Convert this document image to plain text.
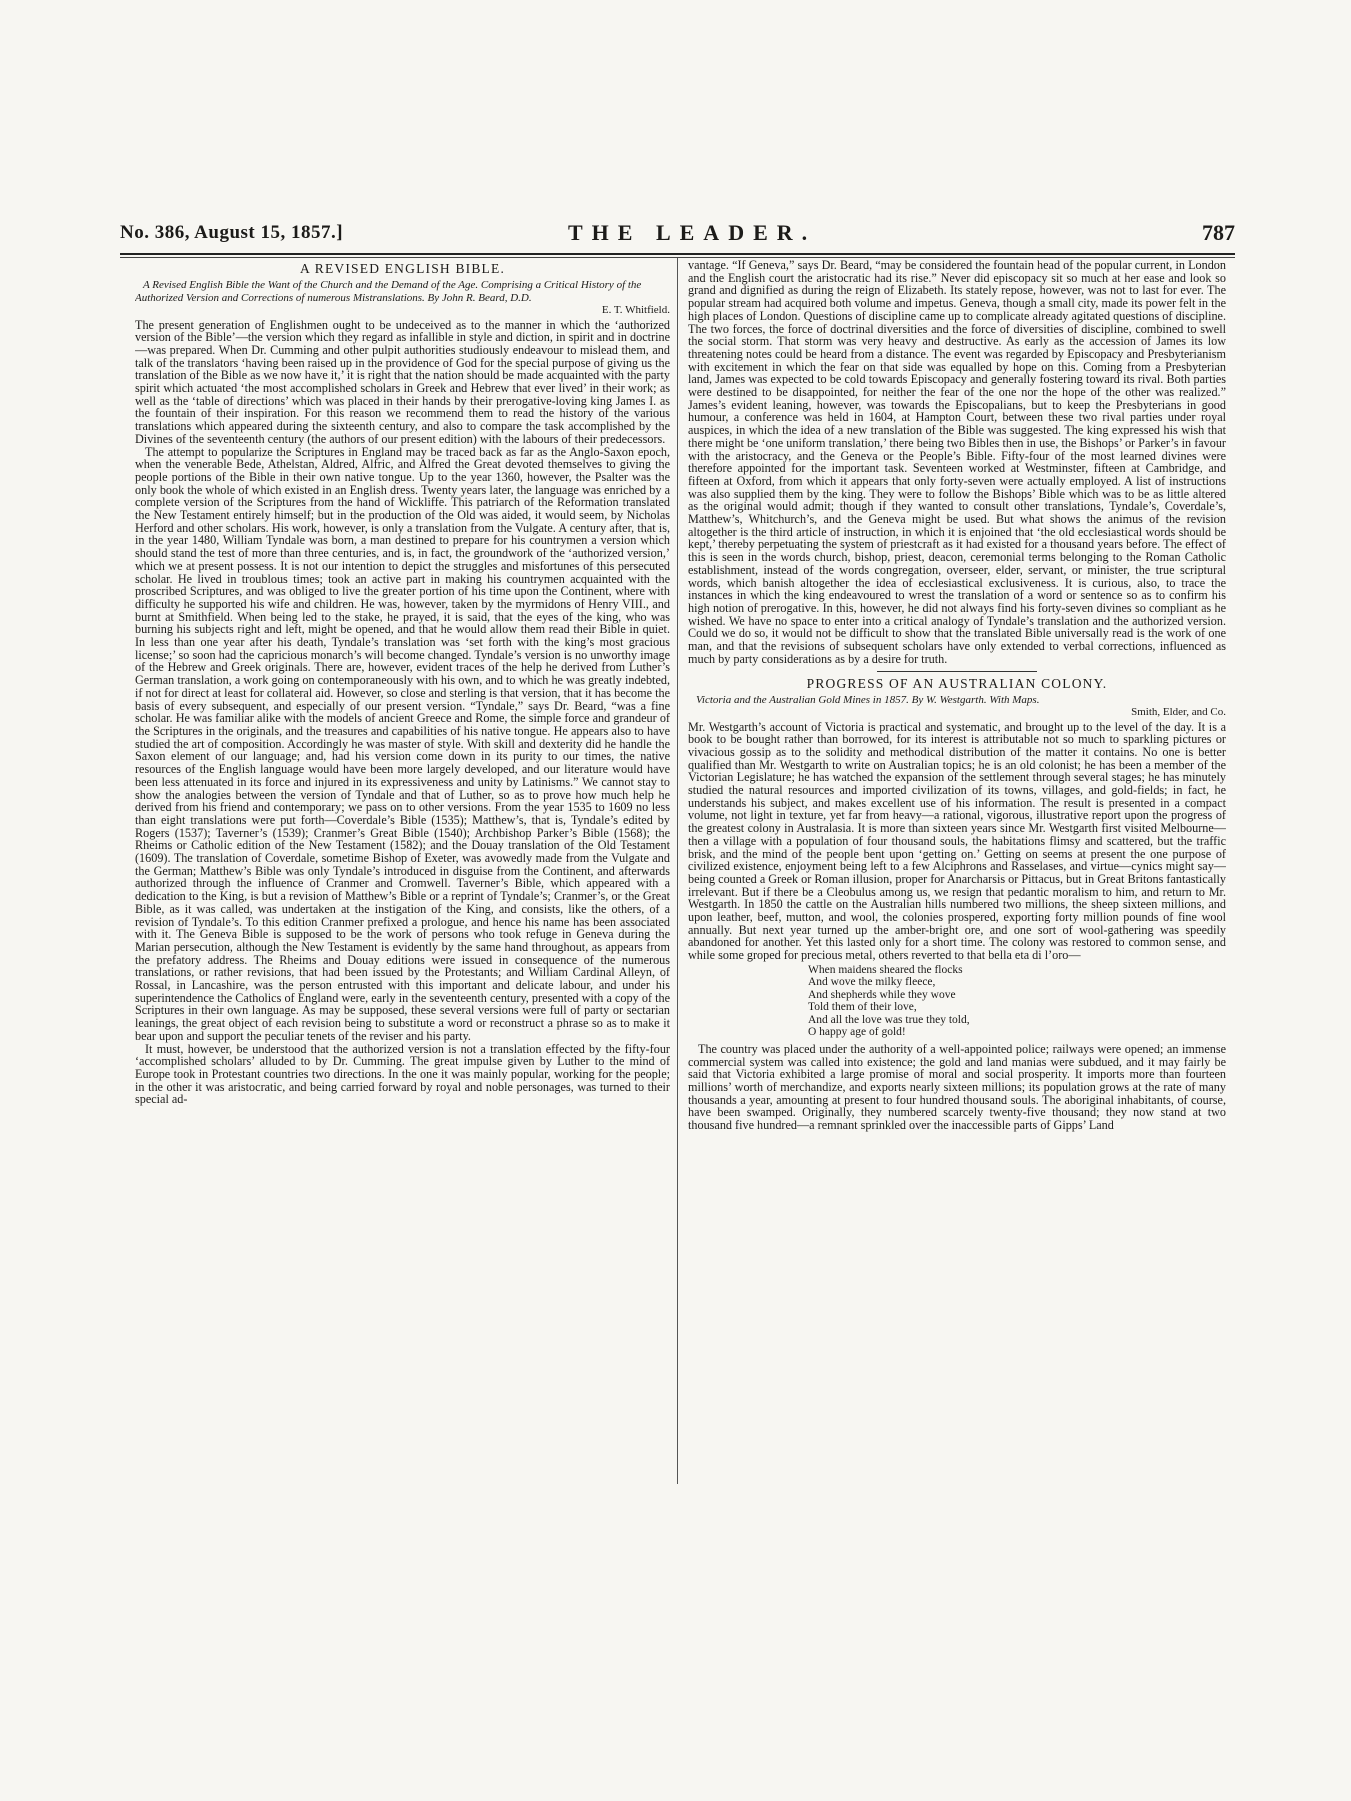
No. 386, August 15, 1857.]	THE LEADER.	787
A REVISED ENGLISH BIBLE.
A Revised English Bible the Want of the Church and the Demand of the Age. Comprising a Critical History of the Authorized Version and Corrections of numerous Mistranslations. By John R. Beard, D.D.
E. T. Whitfield.

The present generation of Englishmen ought to be undeceived as to the manner in which the ‘authorized version of the Bible’—the version which they regard as infallible in style and diction, in spirit and in doctrine—was prepared. When Dr. Cumming and other pulpit authorities studiously endeavour to mislead them, and talk of the translators ‘having been raised up in the providence of God for the special purpose of giving us the translation of the Bible as we now have it,’ it is right that the nation should be made acquainted with the party spirit which actuated ‘the most accomplished scholars in Greek and Hebrew that ever lived’ in their work; as well as the ‘table of directions’ which was placed in their hands by their prerogative-loving king James I. as the fountain of their inspiration. For this reason we recommend them to read the history of the various translations which appeared during the sixteenth century, and also to compare the task accomplished by the Divines of the seventeenth century (the authors of our present edition) with the labours of their predecessors.

The attempt to popularize the Scriptures in England may be traced back as far as the Anglo-Saxon epoch, when the venerable Bede, Athelstan, Aldred, Alfric, and Alfred the Great devoted themselves to giving the people portions of the Bible in their own native tongue. Up to the year 1360, however, the Psalter was the only book the whole of which existed in an English dress. Twenty years later, the language was enriched by a complete version of the Scriptures from the hand of Wickliffe. This patriarch of the Reformation translated the New Testament entirely himself; but in the production of the Old was aided, it would seem, by Nicholas Herford and other scholars. His work, however, is only a translation from the Vulgate. A century after, that is, in the year 1480, William Tyndale was born, a man destined to prepare for his countrymen a version which should stand the test of more than three centuries, and is, in fact, the groundwork of the ‘authorized version,’ which we at present possess. It is not our intention to depict the struggles and misfortunes of this persecuted scholar. He lived in troublous times; took an active part in making his countrymen acquainted with the proscribed Scriptures, and was obliged to live the greater portion of his time upon the Continent, where with difficulty he supported his wife and children. He was, however, taken by the myrmidons of Henry VIII., and burnt at Smithfield. When being led to the stake, he prayed, it is said, that the eyes of the king, who was burning his subjects right and left, might be opened, and that he would allow them read their Bible in quiet. In less than one year after his death, Tyndale’s translation was ‘set forth with the king’s most gracious license;’ so soon had the capricious monarch’s will become changed. Tyndale’s version is no unworthy image of the Hebrew and Greek originals. There are, however, evident traces of the help he derived from Luther’s German translation, a work going on contemporaneously with his own, and to which he was greatly indebted, if not for direct at least for collateral aid. However, so close and sterling is that version, that it has become the basis of every subsequent, and especially of our present version. “Tyndale,” says Dr. Beard, “was a fine scholar. He was familiar alike with the models of ancient Greece and Rome, the simple force and grandeur of the Scriptures in the originals, and the treasures and capabilities of his native tongue. He appears also to have studied the art of composition. Accordingly he was master of style. With skill and dexterity did he handle the Saxon element of our language; and, had his version come down in its purity to our times, the native resources of the English language would have been more largely developed, and our literature would have been less attenuated in its force and injured in its expressiveness and unity by Latinisms.” We cannot stay to show the analogies between the version of Tyndale and that of Luther, so as to prove how much help he derived from his friend and contemporary; we pass on to other versions. From the year 1535 to 1609 no less than eight translations were put forth—Coverdale’s Bible (1535); Matthew’s, that is, Tyndale’s edited by Rogers (1537); Taverner’s (1539); Cranmer’s Great Bible (1540); Archbishop Parker’s Bible (1568); the Rheims or Catholic edition of the New Testament (1582); and the Douay translation of the Old Testament (1609). The translation of Coverdale, sometime Bishop of Exeter, was avowedly made from the Vulgate and the German; Matthew’s Bible was only Tyndale’s introduced in disguise from the Continent, and afterwards authorized through the influence of Cranmer and Cromwell. Taverner’s Bible, which appeared with a dedication to the King, is but a revision of Matthew’s Bible or a reprint of Tyndale’s; Cranmer’s, or the Great Bible, as it was called, was undertaken at the instigation of the King, and consists, like the others, of a revision of Tyndale’s. To this edition Cranmer prefixed a prologue, and hence his name has been associated with it. The Geneva Bible is supposed to be the work of persons who took refuge in Geneva during the Marian persecution, although the New Testament is evidently by the same hand throughout, as appears from the prefatory address. The Rheims and Douay editions were issued in consequence of the numerous translations, or rather revisions, that had been issued by the Protestants; and William Cardinal Alleyn, of Rossal, in Lancashire, was the person entrusted with this important and delicate labour, and under his superintendence the Catholics of England were, early in the seventeenth century, presented with a copy of the Scriptures in their own language. As may be supposed, these several versions were full of party or sectarian leanings, the great object of each revision being to substitute a word or reconstruct a phrase so as to make it bear upon and support the peculiar tenets of the reviser and his party.

It must, however, be understood that the authorized version is not a translation effected by the fifty-four ‘accomplished scholars’ alluded to by Dr. Cumming. The great impulse given by Luther to the mind of Europe took in Protestant countries two directions. In the one it was mainly popular, working for the people; in the other it was aristocratic, and being carried forward by royal and noble personages, was turned to their special ad-

vantage. “If Geneva,” says Dr. Beard, “may be considered the fountain head of the popular current, in London and the English court the aristocratic had its rise.” Never did episcopacy sit so much at her ease and look so grand and dignified as during the reign of Elizabeth. Its stately repose, however, was not to last for ever. The popular stream had acquired both volume and impetus. Geneva, though a small city, made its power felt in the high places of London. Questions of discipline came up to complicate already agitated questions of discipline. The two forces, the force of doctrinal diversities and the force of diversities of discipline, combined to swell the social storm. That storm was very heavy and destructive. As early as the accession of James its low threatening notes could be heard from a distance. The event was regarded by Episcopacy and Presbyterianism with excitement in which the fear on that side was equalled by hope on this. Coming from a Presbyterian land, James was expected to be cold towards Episcopacy and generally fostering toward its rival. Both parties were destined to be disappointed, for neither the fear of the one nor the hope of the other was realized.” James’s evident leaning, however, was towards the Episcopalians, but to keep the Presbyterians in good humour, a conference was held in 1604, at Hampton Court, between these two rival parties under royal auspices, in which the idea of a new translation of the Bible was suggested. The king expressed his wish that there might be ‘one uniform translation,’ there being two Bibles then in use, the Bishops’ or Parker’s in favour with the aristocracy, and the Geneva or the People’s Bible. Fifty-four of the most learned divines were therefore appointed for the important task. Seventeen worked at Westminster, fifteen at Cambridge, and fifteen at Oxford, from which it appears that only forty-seven were actually employed. A list of instructions was also supplied them by the king. They were to follow the Bishops’ Bible which was to be as little altered as the original would admit; though if they wanted to consult other translations, Tyndale’s, Coverdale’s, Matthew’s, Whitchurch’s, and the Geneva might be used. But what shows the animus of the revision altogether is the third article of instruction, in which it is enjoined that ‘the old ecclesiastical words should be kept,’ thereby perpetuating the system of priestcraft as it had existed for a thousand years before. The effect of this is seen in the words church, bishop, priest, deacon, ceremonial terms belonging to the Roman Catholic establishment, instead of the words congregation, overseer, elder, servant, or minister, the true scriptural words, which banish altogether the idea of ecclesiastical exclusiveness. It is curious, also, to trace the instances in which the king endeavoured to wrest the translation of a word or sentence so as to confirm his high notion of prerogative. In this, however, he did not always find his forty-seven divines so compliant as he wished. We have no space to enter into a critical analogy of Tyndale’s translation and the authorized version. Could we do so, it would not be difficult to show that the translated Bible universally read is the work of one man, and that the revisions of subsequent scholars have only extended to verbal corrections, influenced as much by party considerations as by a desire for truth.

PROGRESS OF AN AUSTRALIAN COLONY.
Victoria and the Australian Gold Mines in 1857. By W. Westgarth. With Maps.
Smith, Elder, and Co.

Mr. Westgarth’s account of Victoria is practical and systematic, and brought up to the level of the day. It is a book to be bought rather than borrowed, for its interest is attributable not so much to sparkling pictures or vivacious gossip as to the solidity and methodical distribution of the matter it contains. No one is better qualified than Mr. Westgarth to write on Australian topics; he is an old colonist; he has been a member of the Victorian Legislature; he has watched the expansion of the settlement through several stages; he has minutely studied the natural resources and imported civilization of its towns, villages, and gold-fields; in fact, he understands his subject, and makes excellent use of his information. The result is presented in a compact volume, not light in texture, yet far from heavy—a rational, vigorous, illustrative report upon the progress of the greatest colony in Australasia. It is more than sixteen years since Mr. Westgarth first visited Melbourne—then a village with a population of four thousand souls, the habitations flimsy and scattered, but the traffic brisk, and the mind of the people bent upon ‘getting on.’ Getting on seems at present the one purpose of civilized existence, enjoyment being left to a few Alciphrons and Rasselases, and virtue—cynics might say—being counted a Greek or Roman illusion, proper for Anarcharsis or Pittacus, but in Great Britons fantastically irrelevant. But if there be a Cleobulus among us, we resign that pedantic moralism to him, and return to Mr. Westgarth. In 1850 the cattle on the Australian hills numbered two millions, the sheep sixteen millions, and upon leather, beef, mutton, and wool, the colonies prospered, exporting forty million pounds of fine wool annually. But next year turned up the amber-bright ore, and one sort of wool-gathering was speedily abandoned for another. Yet this lasted only for a short time. The colony was restored to common sense, and while some groped for precious metal, others reverted to that bella eta di l’oro—

When maidens sheared the flocks
And wove the milky fleece,
And shepherds while they wove
Told them of their love,
And all the love was true they told,
O happy age of gold!

The country was placed under the authority of a well-appointed police; railways were opened; an immense commercial system was called into existence; the gold and land manias were subdued, and it may fairly be said that Victoria exhibited a large promise of moral and social prosperity. It imports more than fourteen millions’ worth of merchandize, and exports nearly sixteen millions; its population grows at the rate of many thousands a year, amounting at present to four hundred thousand souls. The aboriginal inhabitants, of course, have been swamped. Originally, they numbered scarcely twenty-five thousand; they now stand at two thousand five hundred—a remnant sprinkled over the inaccessible parts of Gipps’ Land
